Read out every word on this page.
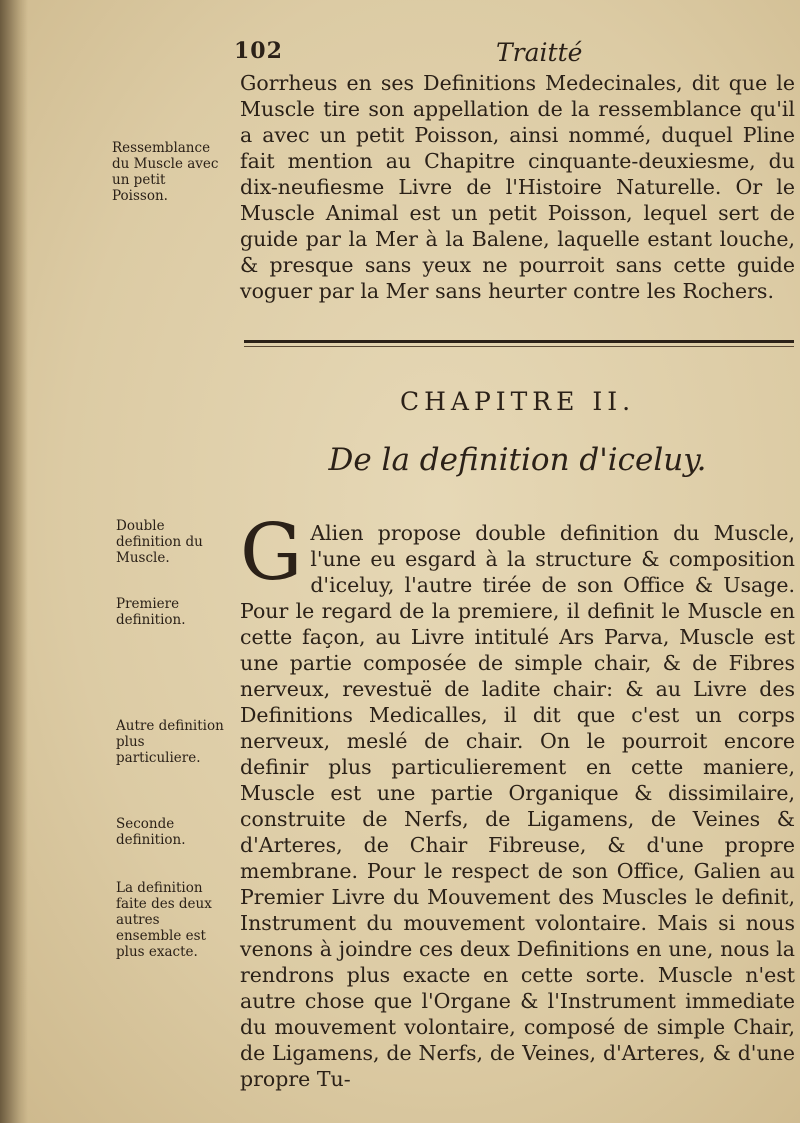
102	Traitté
Ressemblance du Muscle avec un petit Poisson.

Gorrheus en ses Definitions Medecinales, dit que le Muscle tire son appellation de la ressemblance qu'il a avec un petit Poisson, ainsi nommé, duquel Pline fait mention au Chapitre cinquante-deuxiesme, du dix-neufiesme Livre de l'Histoire Naturelle. Or le Muscle Animal est un petit Poisson, lequel sert de guide par la Mer à la Balene, laquelle estant louche, & presque sans yeux ne pourroit sans cette guide voguer par la Mer sans heurter contre les Rochers.

CHAPITRE II.
De la definition d'iceluy.
Double definition du Muscle.
Premiere definition.
Autre definition plus particuliere.
Seconde definition.
La definition faite des deux autres ensemble est plus exacte.

G Alien propose double definition du Muscle, l'une eu esgard à la structure & composition d'iceluy, l'autre tirée de son Office & Usage. Pour le regard de la premiere, il definit le Muscle en cette façon, au Livre intitulé Ars Parva, Muscle est une partie composée de simple chair, & de Fibres nerveux, revestuë de ladite chair: & au Livre des Definitions Medicalles, il dit que c'est un corps nerveux, meslé de chair. On le pourroit encore definir plus particulierement en cette maniere, Muscle est une partie Organique & dissimilaire, construite de Nerfs, de Ligamens, de Veines & d'Arteres, de Chair Fibreuse, & d'une propre membrane. Pour le respect de son Office, Galien au Premier Livre du Mouvement des Muscles le definit, Instrument du mouvement volontaire. Mais si nous venons à joindre ces deux Definitions en une, nous la rendrons plus exacte en cette sorte. Muscle n'est autre chose que l'Organe & l'Instrument immediate du mouvement volontaire, composé de simple Chair, de Ligamens, de Nerfs, de Veines, d'Arteres, & d'une propre Tu-
